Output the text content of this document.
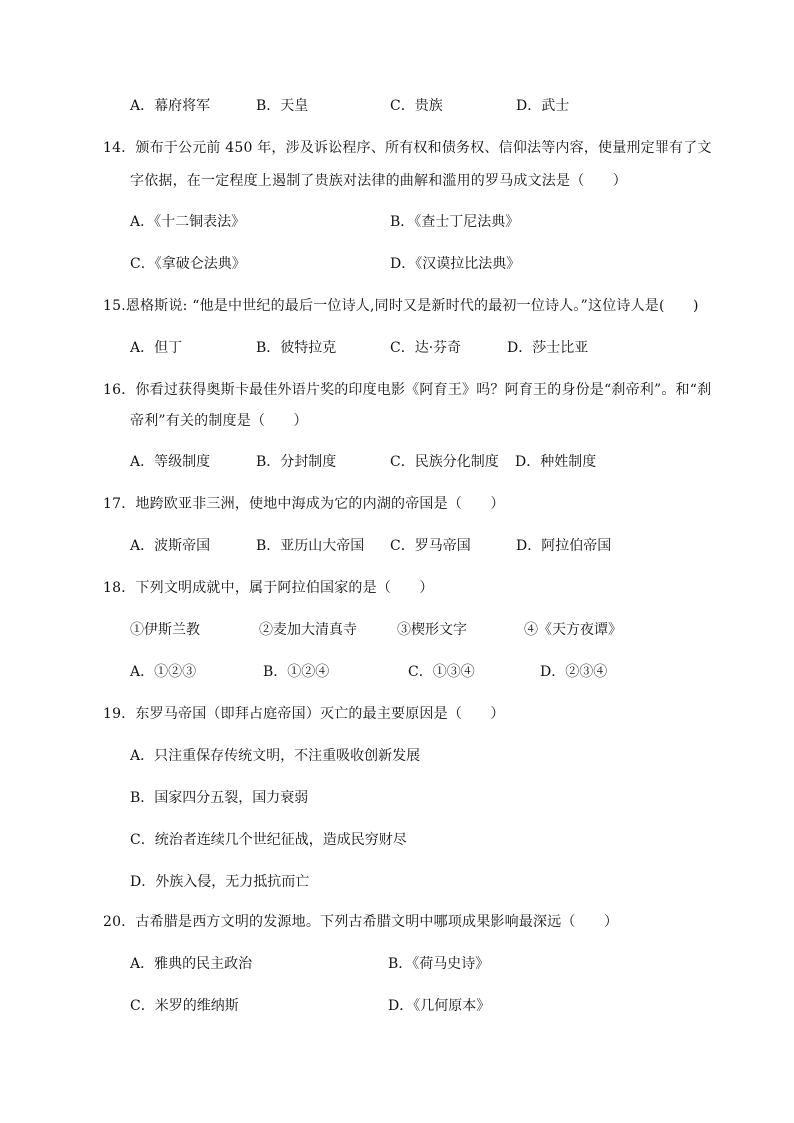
A．幕府将军	B．天皇	C．贵族	D．武士
14．颁布于公元前 450 年，涉及诉讼程序、所有权和债务权、信仰法等内容，使量刑定罪有了文
字依据，在一定程度上遏制了贵族对法律的曲解和滥用的罗马成文法是（　　）
A．《十二铜表法》	B．《查士丁尼法典》
C．《拿破仑法典》	D．《汉谟拉比法典》
15.恩格斯说: “他是中世纪的最后一位诗人,同时又是新时代的最初一位诗人。”这位诗人是(　　)
A．但丁	B．彼特拉克	C．达·芬奇	D．莎士比亚
16．你看过获得奥斯卡最佳外语片奖的印度电影《阿育王》吗？阿育王的身份是“刹帝利”。和“刹
帝利”有关的制度是（　　）
A．等级制度	B．分封制度	C．民族分化制度 D．种姓制度
17．地跨欧亚非三洲，使地中海成为它的内湖的帝国是（　　）
A．波斯帝国	B．亚历山大帝国 C．罗马帝国	D．阿拉伯帝国
18．下列文明成就中，属于阿拉伯国家的是（　　）
①伊斯兰教	②麦加大清真寺	③楔形文字	④《天方夜谭》
A．①②③	B．①②④	C．①③④	D．②③④
19．东罗马帝国（即拜占庭帝国）灭亡的最主要原因是（　　）
A．只注重保存传统文明，不注重吸收创新发展
B．国家四分五裂，国力衰弱
C．统治者连续几个世纪征战，造成民穷财尽
D．外族入侵，无力抵抗而亡
20．古希腊是西方文明的发源地。下列古希腊文明中哪项成果影响最深远（　　）
A．雅典的民主政治	B．《荷马史诗》
C．米罗的维纳斯	D．《几何原本》
